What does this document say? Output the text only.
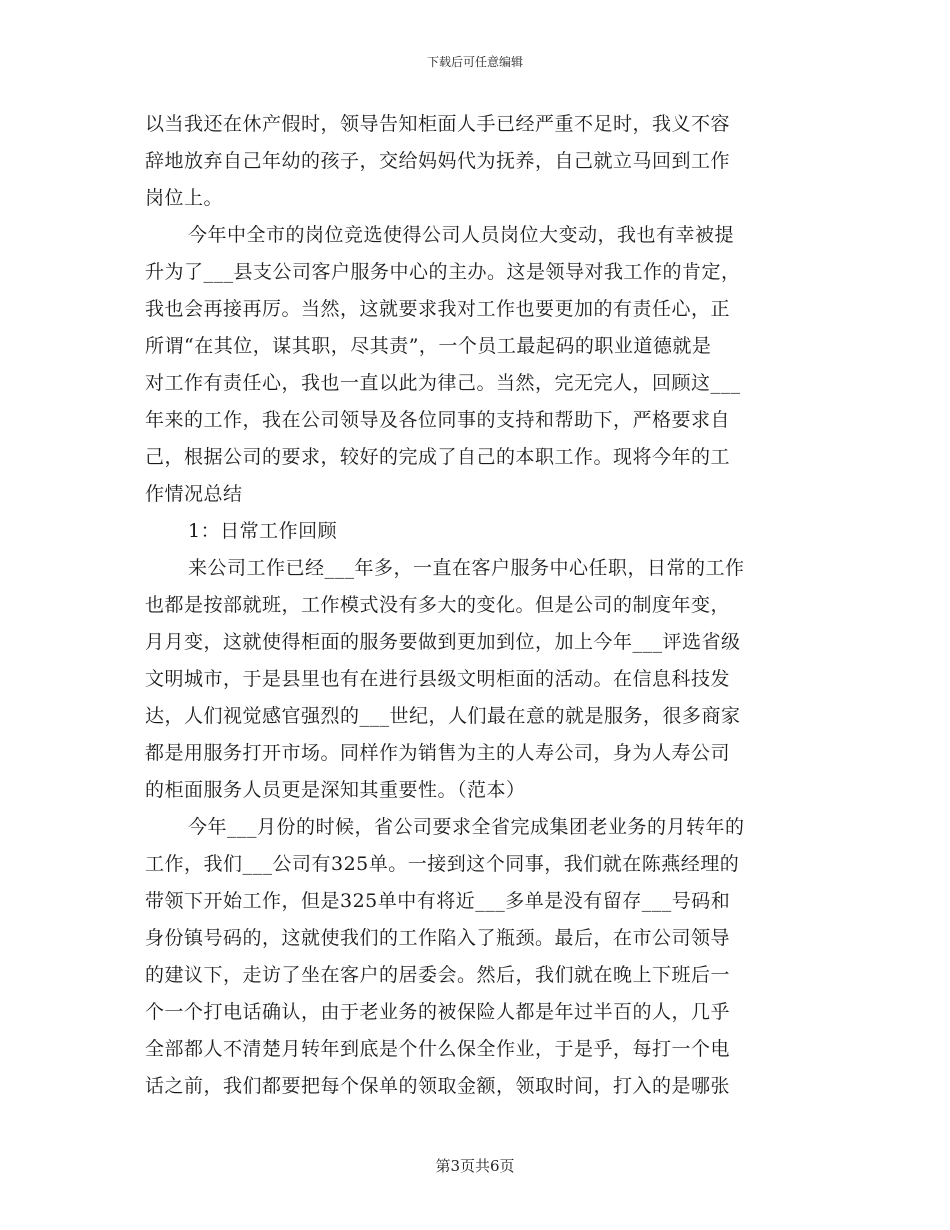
下载后可任意编辑
以当我还在休产假时，领导告知柜面人手已经严重不足时，我义不容
辞地放弃自己年幼的孩子，交给妈妈代为抚养，自己就立马回到工作
岗位上。
今年中全市的岗位竞选使得公司人员岗位大变动，我也有幸被提
升为了___县支公司客户服务中心的主办。这是领导对我工作的肯定，
我也会再接再厉。当然，这就要求我对工作也要更加的有责任心，正
所谓“在其位，谋其职，尽其责”，一个员工最起码的职业道德就是
对工作有责任心，我也一直以此为律己。当然，完无完人，回顾这___
年来的工作，我在公司领导及各位同事的支持和帮助下，严格要求自
己，根据公司的要求，较好的完成了自己的本职工作。现将今年的工
作情况总结
1：日常工作回顾
来公司工作已经___年多，一直在客户服务中心任职，日常的工作
也都是按部就班，工作模式没有多大的变化。但是公司的制度年变，
月月变，这就使得柜面的服务要做到更加到位，加上今年___评选省级
文明城市，于是县里也有在进行县级文明柜面的活动。在信息科技发
达，人们视觉感官强烈的___世纪，人们最在意的就是服务，很多商家
都是用服务打开市场。同样作为销售为主的人寿公司，身为人寿公司
的柜面服务人员更是深知其重要性。（范本）
今年___月份的时候，省公司要求全省完成集团老业务的月转年的
工作，我们___公司有325单。一接到这个同事，我们就在陈燕经理的
带领下开始工作，但是325单中有将近___多单是没有留存___号码和
身份镇号码的，这就使我们的工作陷入了瓶颈。最后，在市公司领导
的建议下，走访了坐在客户的居委会。然后，我们就在晚上下班后一
个一个打电话确认，由于老业务的被保险人都是年过半百的人，几乎
全部都人不清楚月转年到底是个什么保全作业，于是乎，每打一个电
话之前，我们都要把每个保单的领取金额，领取时间，打入的是哪张
第3页共6页
